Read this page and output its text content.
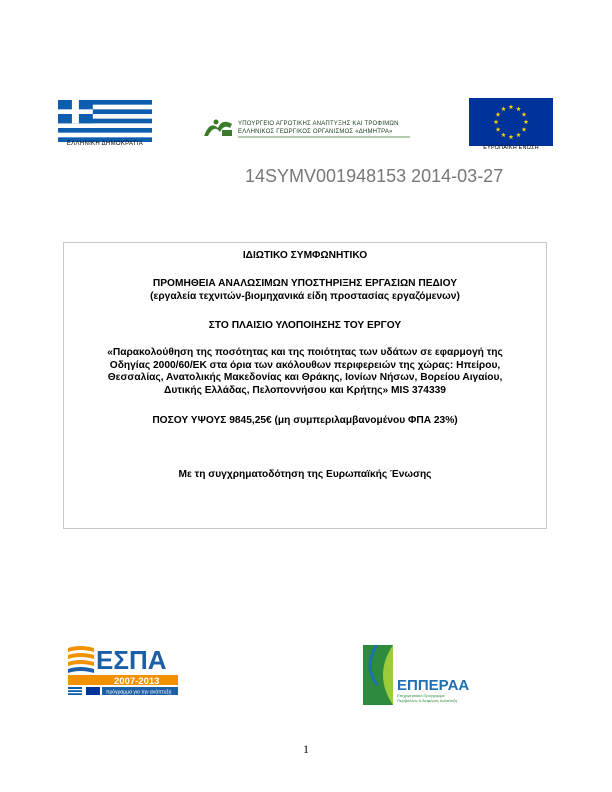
ΕΛΛΗΝΙΚΗ ΔΗΜΟΚΡΑΤΙΑ
ΥΠΟΥΡΓΕΙΟ ΑΓΡΟΤΙΚΗΣ ΑΝΑΠΤΥΞΗΣ ΚΑΙ ΤΡΟΦΙΜΩΝ
ΕΛΛΗΝΙΚΟΣ ΓΕΩΡΓΙΚΟΣ ΟΡΓΑΝΙΣΜΟΣ «ΔΗΜΗΤΡΑ»
ΕΥΡΩΠΑΪΚΗ ΕΝΩΣΗ
14SYMV001948153 2014-03-27

ΙΔΙΩΤΙΚΟ ΣΥΜΦΩΝΗΤΙΚΟ

ΠΡΟΜΗΘΕΙΑ ΑΝΑΛΩΣΙΜΩΝ ΥΠΟΣΤΗΡΙΞΗΣ ΕΡΓΑΣΙΩΝ ΠΕΔΙΟΥ
(εργαλεία τεχνιτών-βιομηχανικά είδη προστασίας εργαζόμενων)

ΣΤΟ ΠΛΑΙΣΙΟ ΥΛΟΠΟΙΗΣΗΣ ΤΟΥ ΕΡΓΟΥ

«Παρακολούθηση της ποσότητας και της ποιότητας των υδάτων σε εφαρμογή της
Οδηγίας 2000/60/ΕΚ στα όρια των ακόλουθων περιφερειών της χώρας: Ηπείρου,
Θεσσαλίας, Ανατολικής Μακεδονίας και Θράκης, Ιονίων Νήσων, Βορείου Αιγαίου,
Δυτικής Ελλάδας, Πελοποννήσου και Κρήτης» MIS 374339

ΠΟΣΟΥ ΥΨΟΥΣ 9845,25€ (μη συμπεριλαμβανομένου ΦΠΑ 23%)

Με τη συγχρηματοδότηση της Ευρωπαϊκής Ένωσης

ΕΣΠΑ
2007-2013
πρόγραμμα για την ανάπτυξη	ΕΠΠΕΡΑΑ
Επιχειρησιακό Πρόγραμμα
Περιβάλλον & Αειφόρος Ανάπτυξη
1
